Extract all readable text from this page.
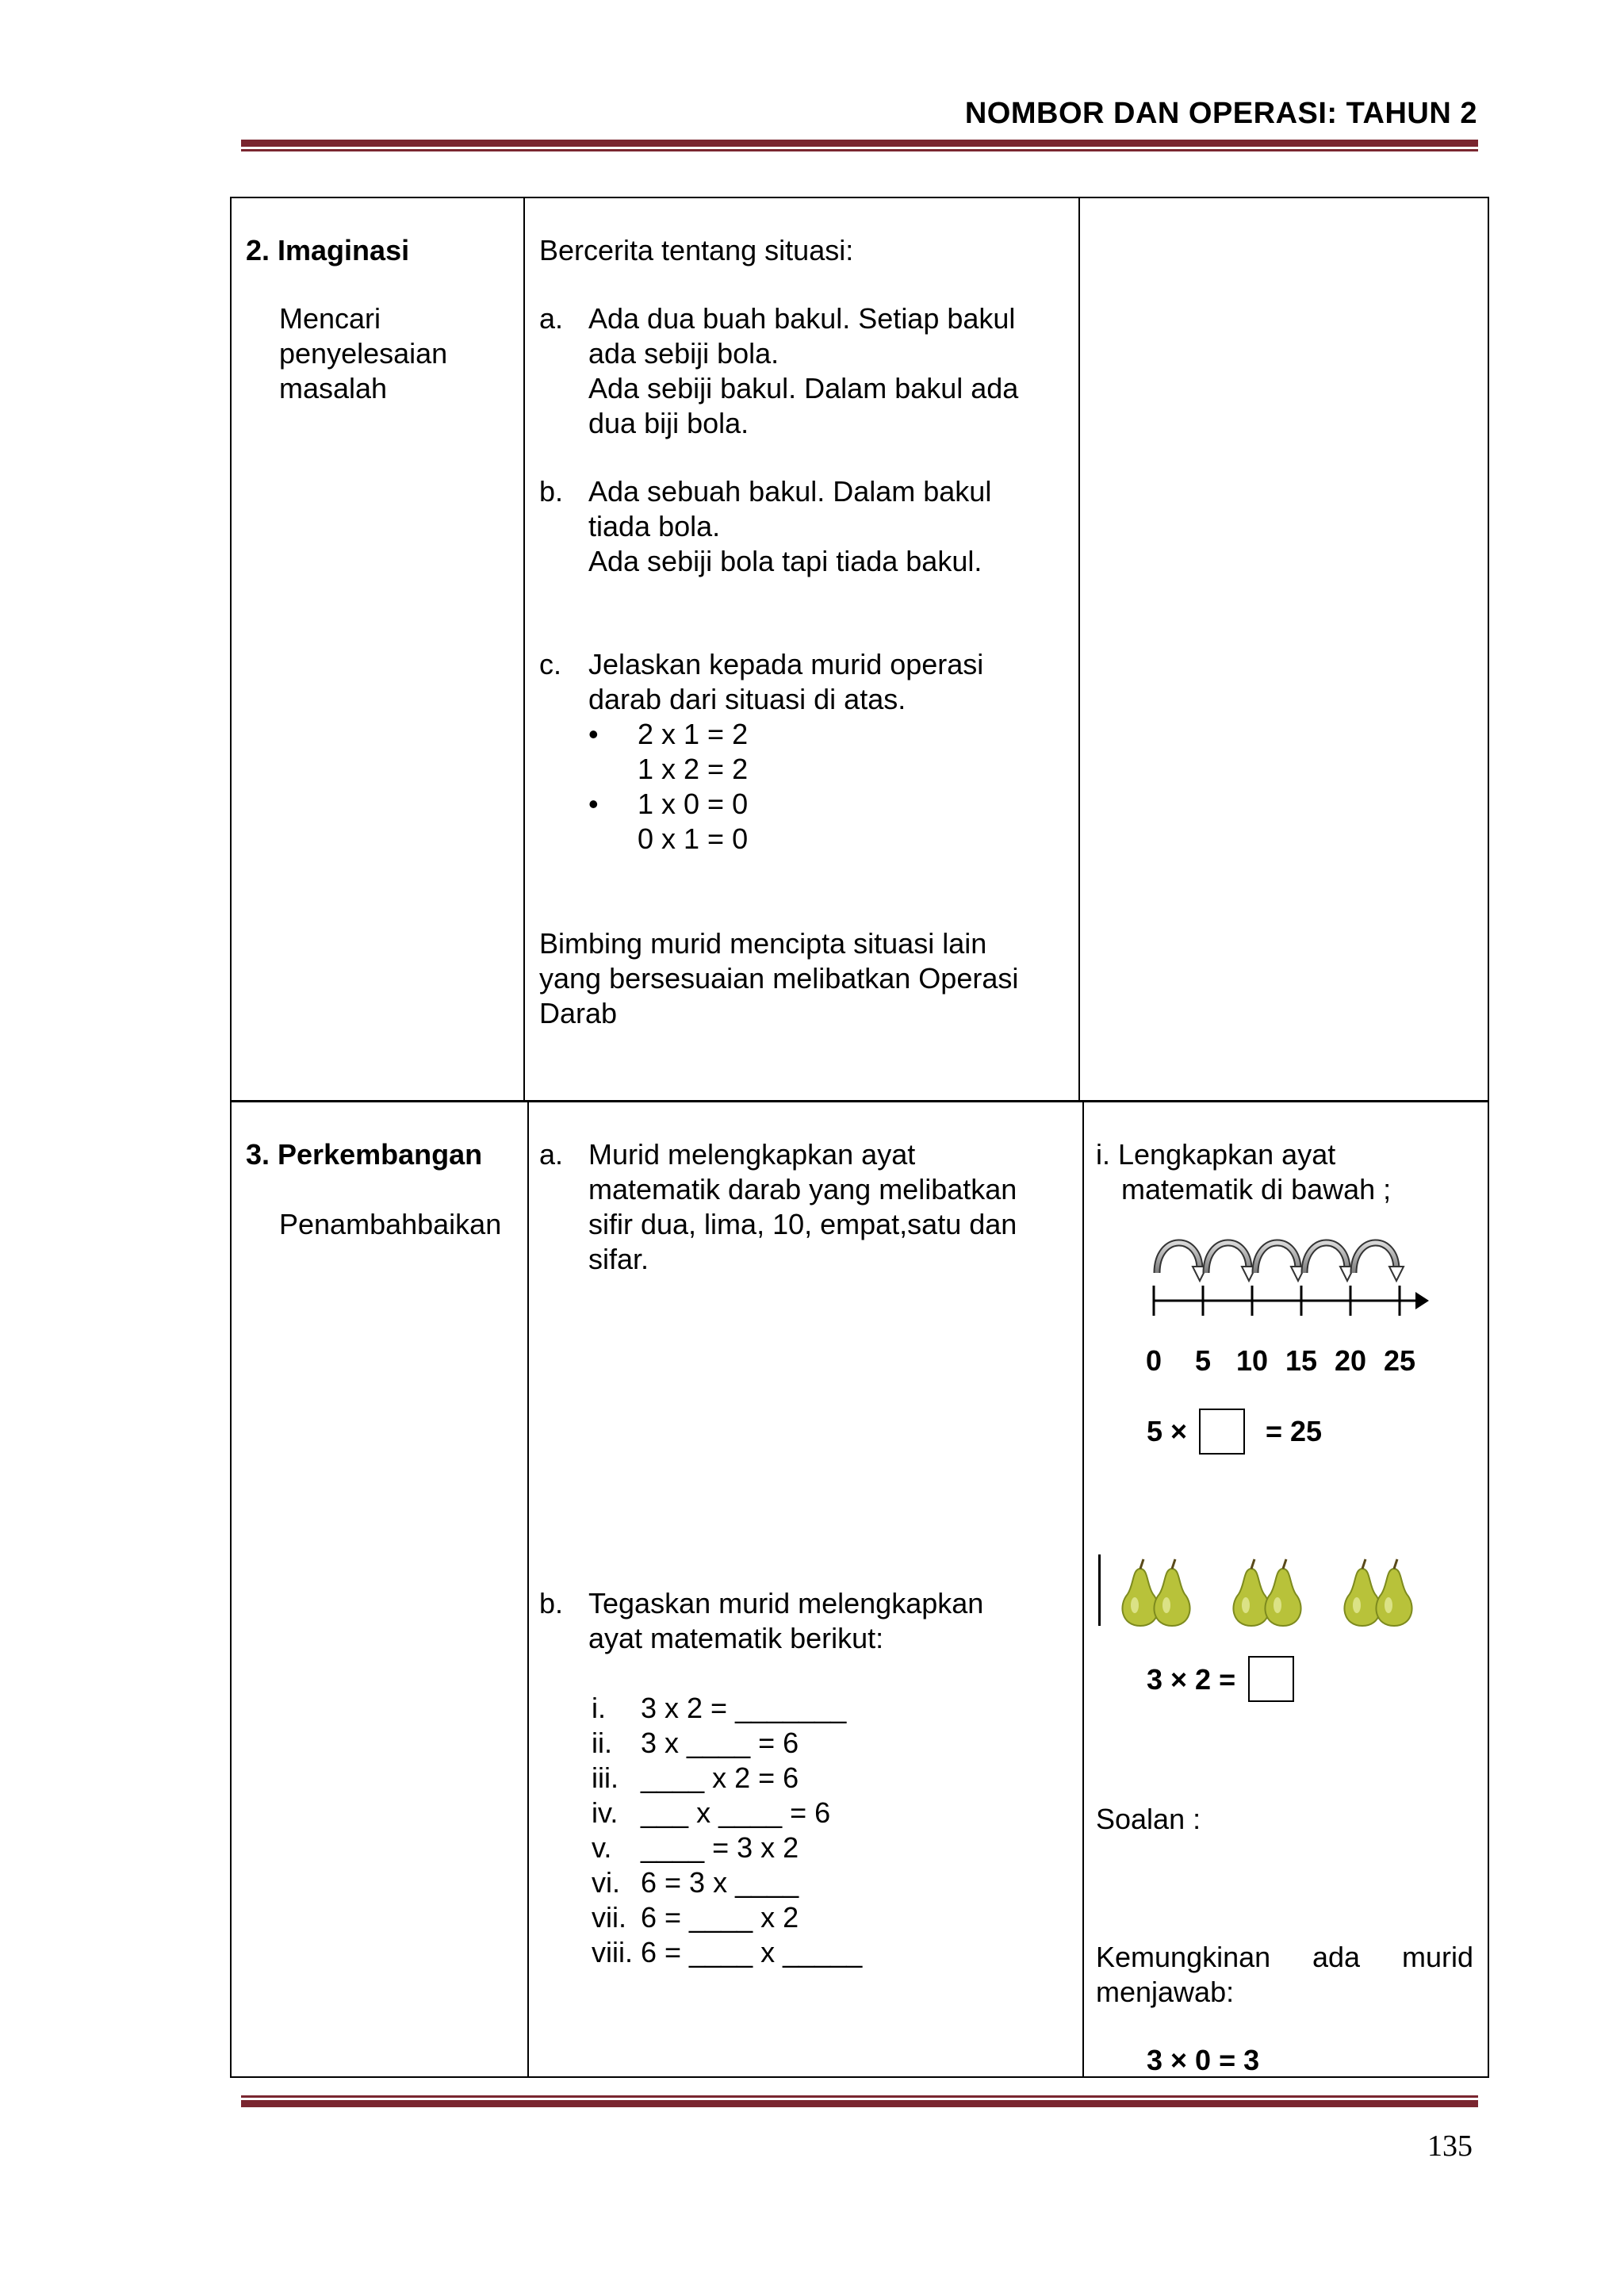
NOMBOR DAN OPERASI: TAHUN 2
2. Imaginasi
Mencari
penyelesaian
masalah
Bercerita tentang situasi:
a. Ada dua buah bakul. Setiap bakul
ada sebiji bola.
Ada sebiji bakul. Dalam bakul ada
dua biji bola.
b. Ada sebuah bakul. Dalam bakul
tiada bola.
Ada sebiji bola tapi tiada bakul.
c. Jelaskan kepada murid operasi
darab dari situasi di atas.
• 2 x 1 = 2
1 x 2 = 2
• 1 x 0 = 0
0 x 1 = 0
Bimbing murid mencipta situasi lain
yang bersesuaian melibatkan Operasi
Darab
3. Perkembangan
Penambahbaikan
a. Murid melengkapkan ayat
matematik darab yang melibatkan
sifir dua, lima, 10, empat,satu dan
sifar.
b. Tegaskan murid melengkapkan
ayat matematik berikut:
i.
ii.
iii.
iv.
v.
vi.
vii.
viii.
3 x 2 = _______
3 x ____ = 6
____ x 2 = 6
___ x ____ = 6
____ = 3 x 2
6 = 3 x ____
6 = ____ x 2
6 = ____ x _____
i. Lengkapkan ayat
matematik di bawah ;
0 5 10 15 20 25
5 ×	= 25
3 × 2 =
Soalan :
Kemungkinan ada murid
menjawab:
3 × 0 = 3
135
